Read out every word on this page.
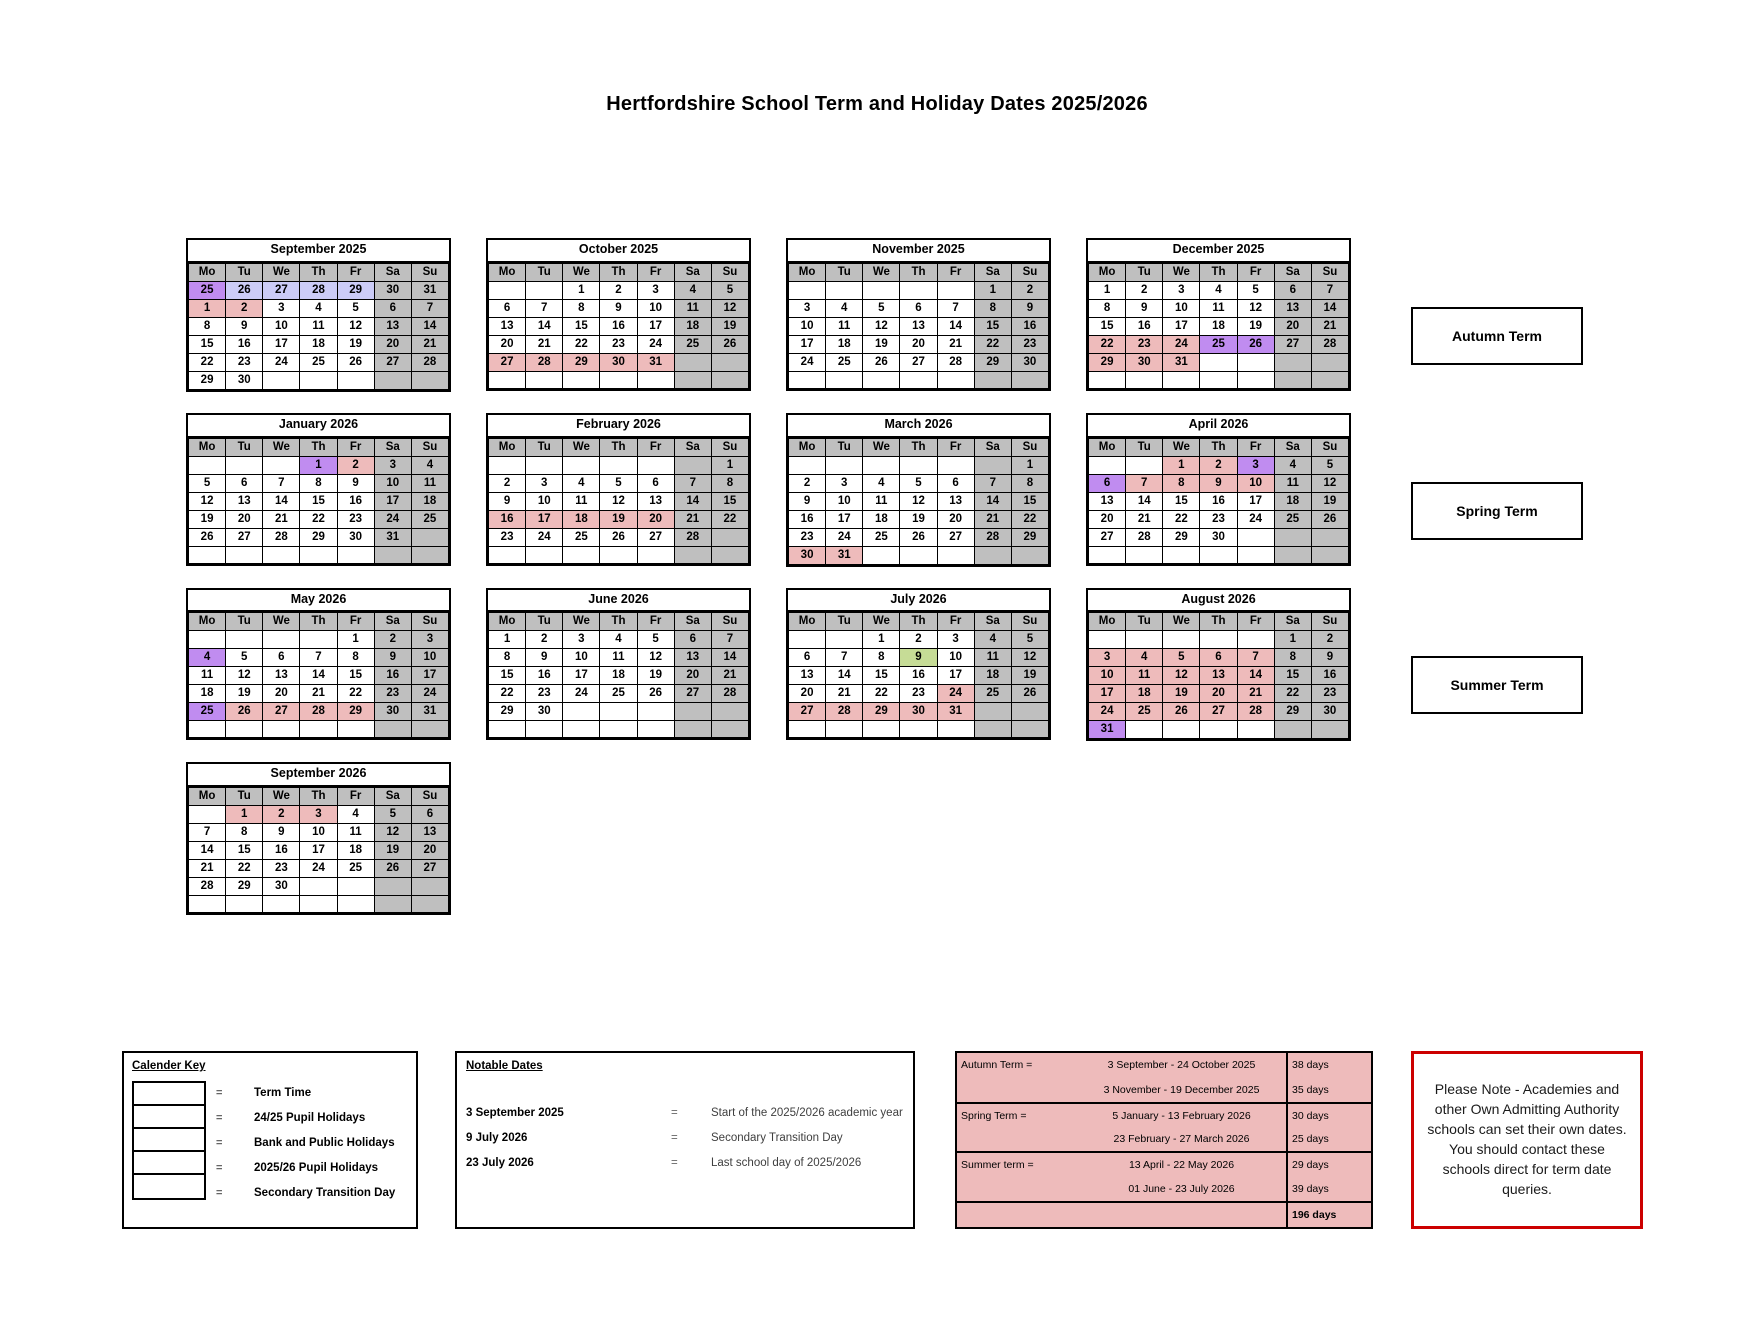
Hertfordshire School Term and Holiday Dates 2025/2026
September 2025
Mo	Tu	We	Th	Fr	Sa	Su
25	26	27	28	29	30	31
1	2	3	4	5	6	7
8	9	10	11	12	13	14
15	16	17	18	19	20	21
22	23	24	25	26	27	28
29	30					
October 2025
Mo	Tu	We	Th	Fr	Sa	Su
		1	2	3	4	5
6	7	8	9	10	11	12
13	14	15	16	17	18	19
20	21	22	23	24	25	26
27	28	29	30	31		

November 2025
Mo	Tu	We	Th	Fr	Sa	Su
					1	2
3	4	5	6	7	8	9
10	11	12	13	14	15	16
17	18	19	20	21	22	23
24	25	26	27	28	29	30

December 2025
Mo	Tu	We	Th	Fr	Sa	Su
1	2	3	4	5	6	7
8	9	10	11	12	13	14
15	16	17	18	19	20	21
22	23	24	25	26	27	28
29	30	31				

Autumn Term
January 2026
Mo	Tu	We	Th	Fr	Sa	Su
			1	2	3	4
5	6	7	8	9	10	11
12	13	14	15	16	17	18
19	20	21	22	23	24	25
26	27	28	29	30	31	

February 2026
Mo	Tu	We	Th	Fr	Sa	Su
						1
2	3	4	5	6	7	8
9	10	11	12	13	14	15
16	17	18	19	20	21	22
23	24	25	26	27	28	

March 2026
Mo	Tu	We	Th	Fr	Sa	Su
						1
2	3	4	5	6	7	8
9	10	11	12	13	14	15
16	17	18	19	20	21	22
23	24	25	26	27	28	29
30	31					
April 2026
Mo	Tu	We	Th	Fr	Sa	Su
		1	2	3	4	5
6	7	8	9	10	11	12
13	14	15	16	17	18	19
20	21	22	23	24	25	26
27	28	29	30			

Spring Term
May 2026
Mo	Tu	We	Th	Fr	Sa	Su
				1	2	3
4	5	6	7	8	9	10
11	12	13	14	15	16	17
18	19	20	21	22	23	24
25	26	27	28	29	30	31

June 2026
Mo	Tu	We	Th	Fr	Sa	Su
1	2	3	4	5	6	7
8	9	10	11	12	13	14
15	16	17	18	19	20	21
22	23	24	25	26	27	28
29	30					

July 2026
Mo	Tu	We	Th	Fr	Sa	Su
		1	2	3	4	5
6	7	8	9	10	11	12
13	14	15	16	17	18	19
20	21	22	23	24	25	26
27	28	29	30	31		

August 2026
Mo	Tu	We	Th	Fr	Sa	Su
					1	2
3	4	5	6	7	8	9
10	11	12	13	14	15	16
17	18	19	20	21	22	23
24	25	26	27	28	29	30
31						
Summer Term
September 2026
Mo	Tu	We	Th	Fr	Sa	Su
	1	2	3	4	5	6
7	8	9	10	11	12	13
14	15	16	17	18	19	20
21	22	23	24	25	26	27
28	29	30				

Calender Key
=	Term Time
=	24/25 Pupil Holidays
=	Bank and Public Holidays
=	2025/26 Pupil Holidays
=	Secondary Transition Day
Notable Dates
3 September 2025	=	Start of the 2025/2026 academic year
9 July 2026	=	Secondary Transition Day
23 July 2026	=	Last school day of 2025/2026
Autumn Term =	3 September - 24 October 2025	38 days
	3 November - 19 December 2025	35 days
Spring Term =	5 January - 13 February 2026	30 days
	23 February - 27 March 2026	25 days
Summer term =	13 April - 22 May 2026	29 days
	01 June - 23 July 2026	39 days
		196 days
Please Note - Academies and other Own Admitting Authority schools can set their own dates. You should contact these schools direct for term date queries.
